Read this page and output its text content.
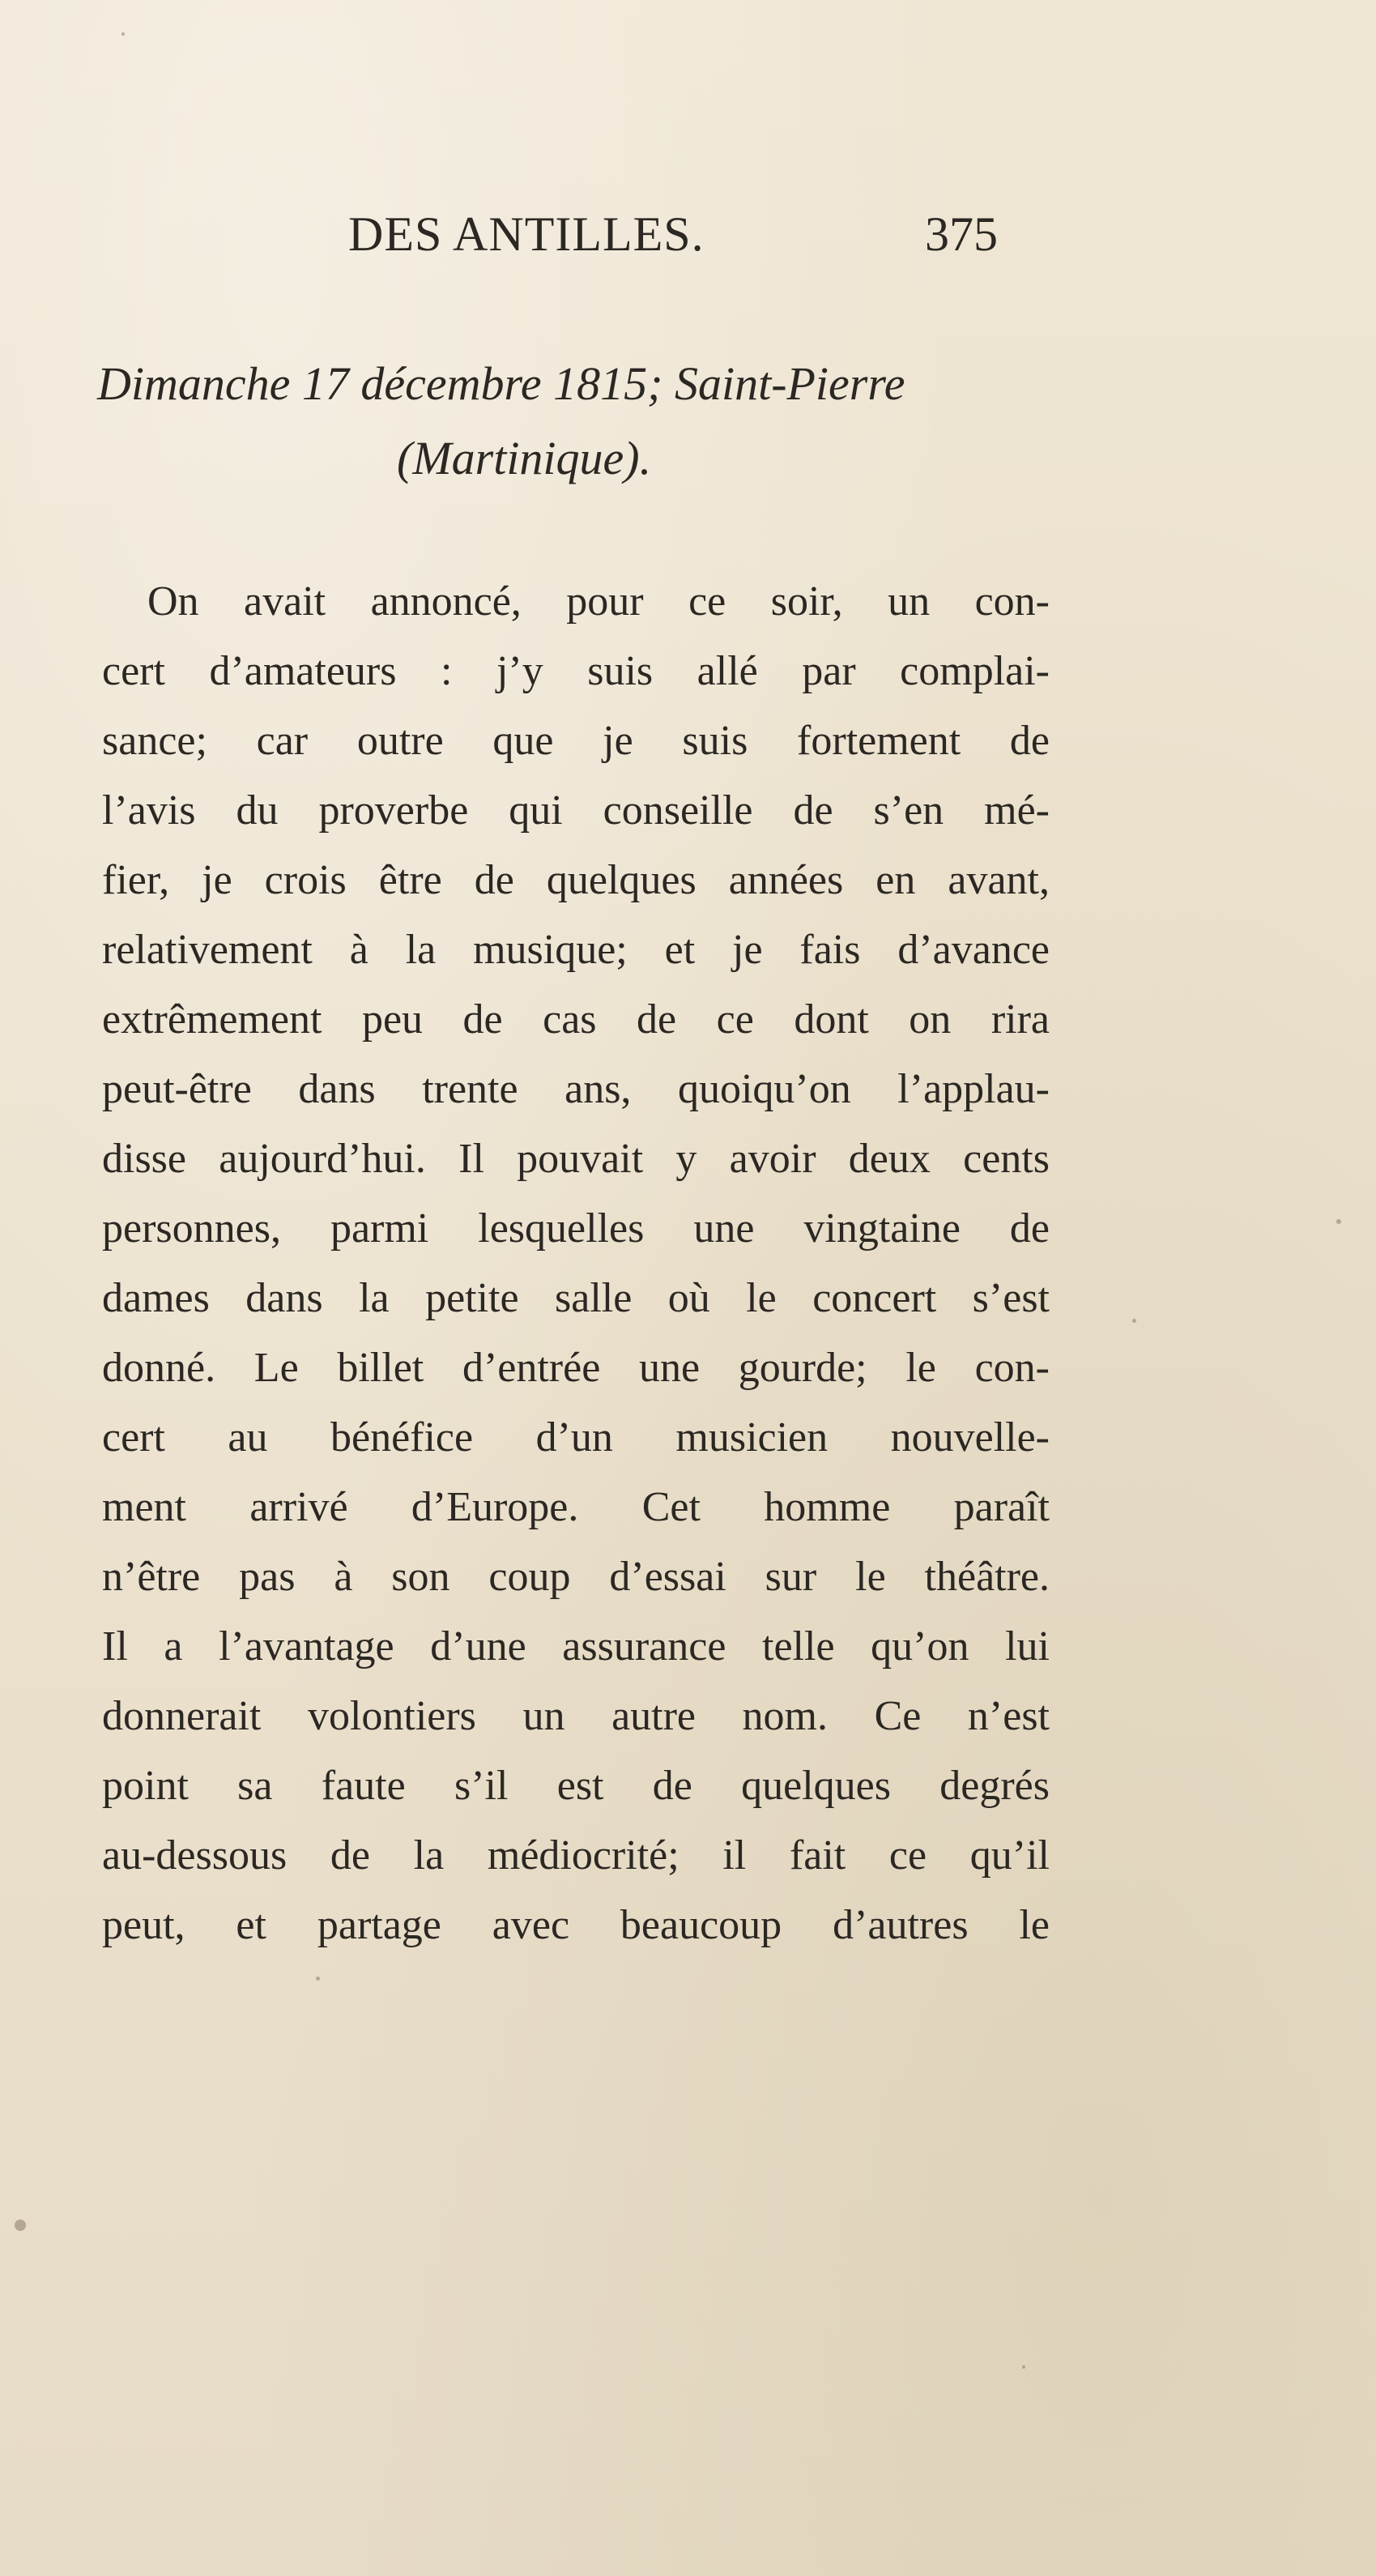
DES ANTILLES.	375
Dimanche 17 décembre 1815; Saint-Pierre
(Martinique).
On avait annoncé, pour ce soir, un con-
cert d’amateurs : j’y suis allé par complai-
sance; car outre que je suis fortement de
l’avis du proverbe qui conseille de s’en mé-
fier, je crois être de quelques années en avant,
relativement à la musique; et je fais d’avance
extrêmement peu de cas de ce dont on rira
peut-être dans trente ans, quoiqu’on l’applau-
disse aujourd’hui. Il pouvait y avoir deux cents
personnes, parmi lesquelles une vingtaine de
dames dans la petite salle où le concert s’est
donné. Le billet d’entrée une gourde; le con-
cert au bénéfice d’un musicien nouvelle-
ment arrivé d’Europe. Cet homme paraît
n’être pas à son coup d’essai sur le théâtre.
Il a l’avantage d’une assurance telle qu’on lui
donnerait volontiers un autre nom. Ce n’est
point sa faute s’il est de quelques degrés
au-dessous de la médiocrité; il fait ce qu’il
peut, et partage avec beaucoup d’autres le
